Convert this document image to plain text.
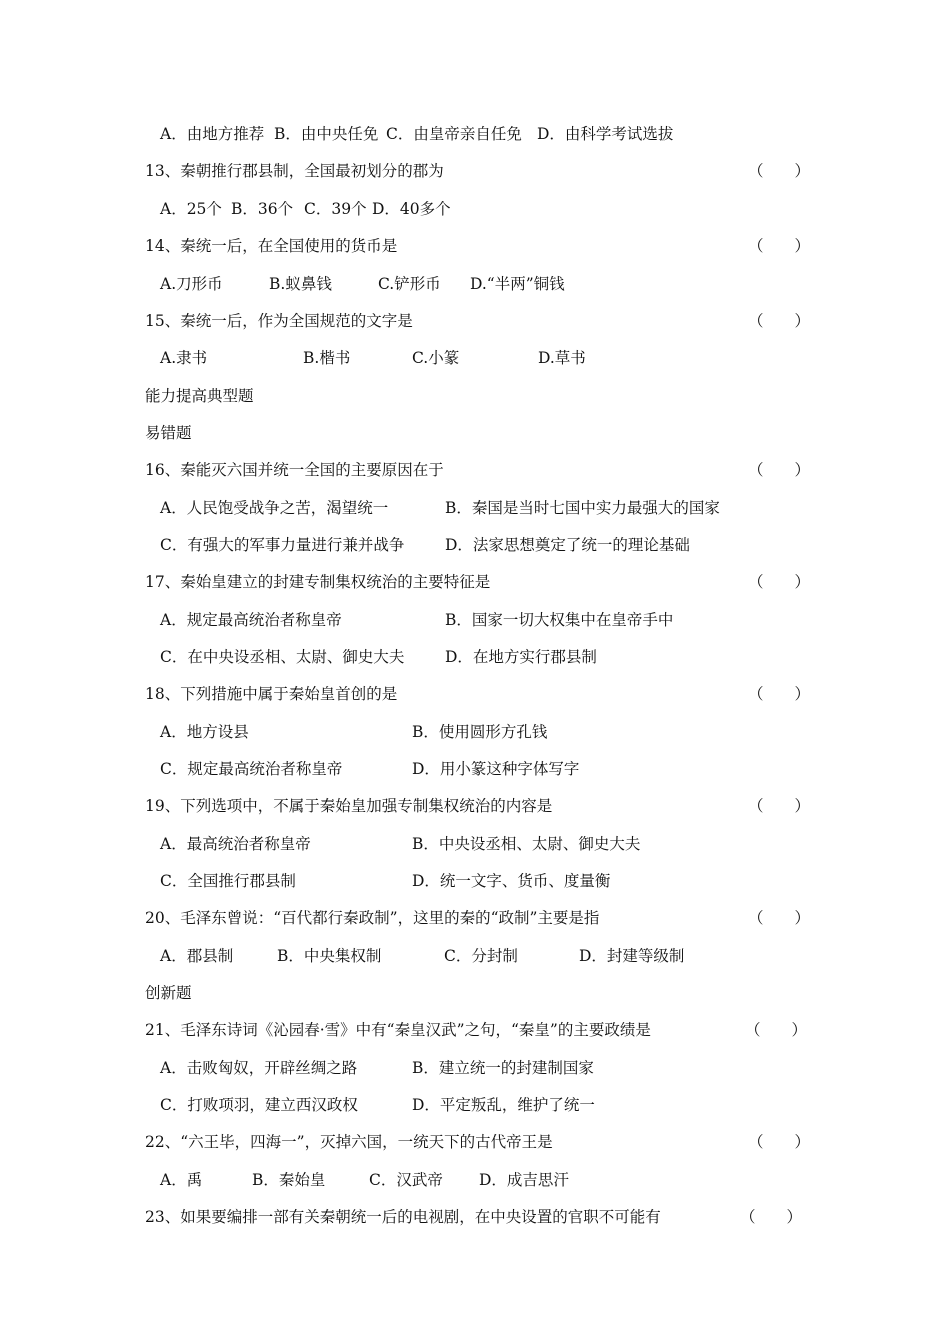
A．由地方推荐 B．由中央任免 C．由皇帝亲自任免 D．由科学考试选拔
13、秦朝推行郡县制，全国最初划分的郡为	（　　）
A．25个 B．36个 C．39个 D．40多个
14、秦统一后，在全国使用的货币是	（　　）
A.刀形币	B.蚁鼻钱	C.铲形币 D.“半两”铜钱
15、秦统一后，作为全国规范的文字是	（　　）
A.隶书	B.楷书	C.小篆	D.草书
能力提高典型题
易错题
16、秦能灭六国并统一全国的主要原因在于	（　　）
A．人民饱受战争之苦，渴望统一	B．秦国是当时七国中实力最强大的国家
C．有强大的军事力量进行兼并战争	D．法家思想奠定了统一的理论基础
17、秦始皇建立的封建专制集权统治的主要特征是	（　　）
A．规定最高统治者称皇帝	B．国家一切大权集中在皇帝手中
C．在中央设丞相、太尉、御史大夫	D．在地方实行郡县制
18、下列措施中属于秦始皇首创的是	（　　）
A．地方设县	B．使用圆形方孔钱
C．规定最高统治者称皇帝	D．用小篆这种字体写字
19、下列选项中，不属于秦始皇加强专制集权统治的内容是	（　　）
A．最高统治者称皇帝	B．中央设丞相、太尉、御史大夫
C．全国推行郡县制	D．统一文字、货币、度量衡
20、毛泽东曾说：“百代都行秦政制”，这里的秦的“政制”主要是指	（　　）
A．郡县制	B．中央集权制	C．分封制	D．封建等级制
创新题
21、毛泽东诗词《沁园春·雪》中有“秦皇汉武”之句，“秦皇”的主要政绩是	（　　）
A．击败匈奴，开辟丝绸之路	B．建立统一的封建制国家
C．打败项羽，建立西汉政权	D．平定叛乱，维护了统一
22、“六王毕，四海一”，灭掉六国，一统天下的古代帝王是	（　　）
A．禹	B．秦始皇	C．汉武帝 D．成吉思汗
23、如果要编排一部有关秦朝统一后的电视剧，在中央设置的官职不可能有	（　　）
